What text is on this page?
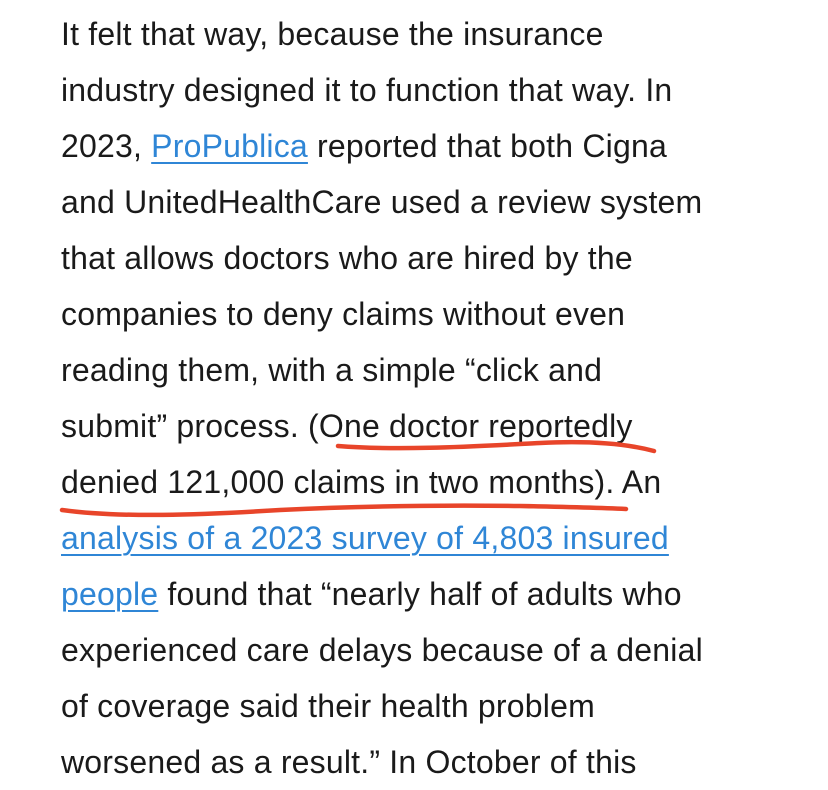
It felt that way, because the insurance
industry designed it to function that way. In
2023, ProPublica reported that both Cigna
and UnitedHealthCare used a review system
that allows doctors who are hired by the
companies to deny claims without even
reading them, with a simple “click and
submit” process. (One doctor reportedly
denied 121,000 claims in two months). An
analysis of a 2023 survey of 4,803 insured
people found that “nearly half of adults who
experienced care delays because of a denial
of coverage said their health problem
worsened as a result.” In October of this
